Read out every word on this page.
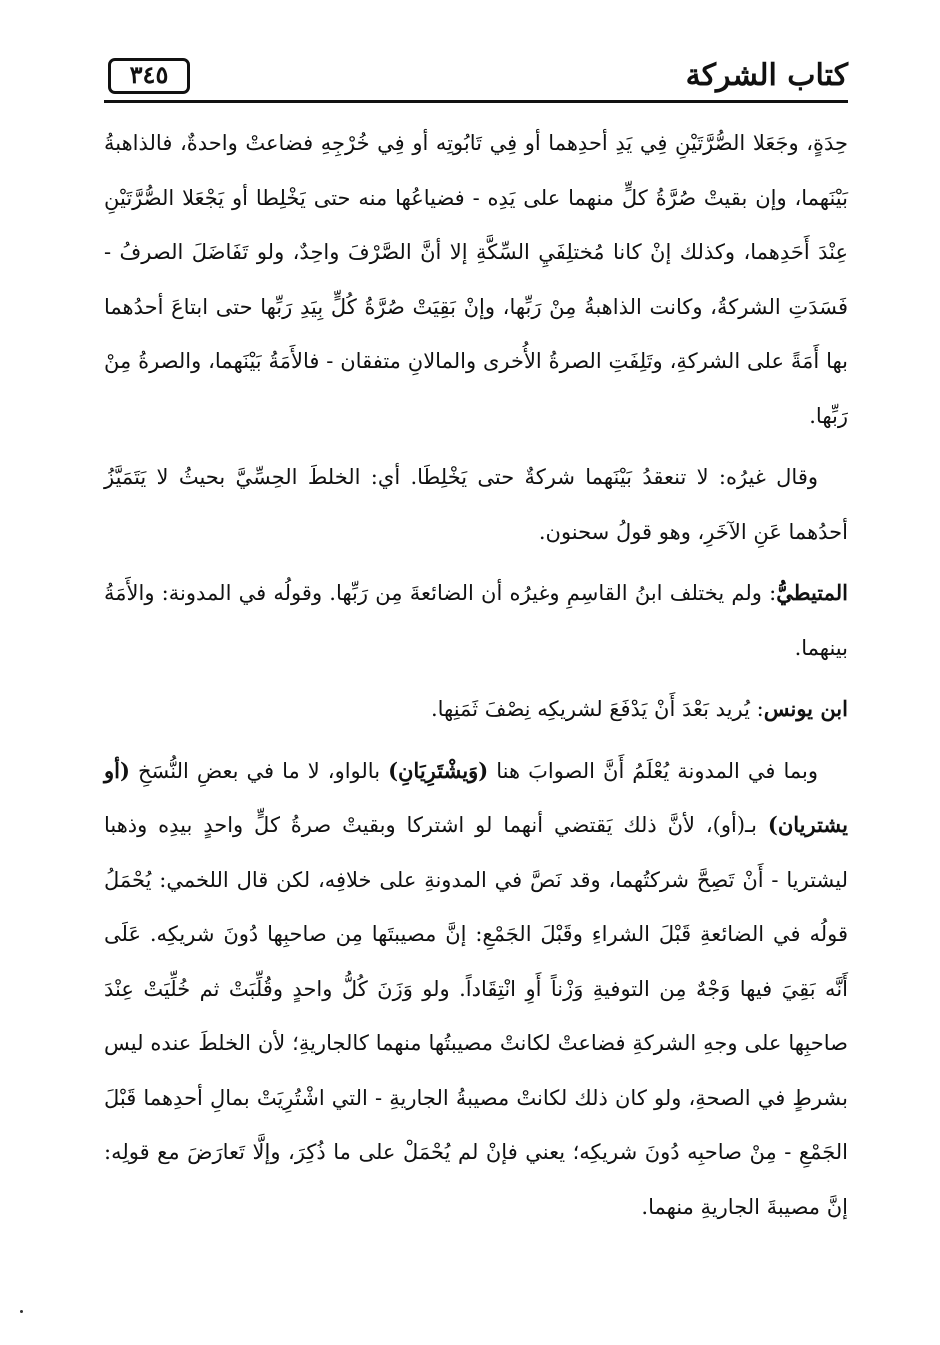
٣٤٥	كتاب الشركة

حِدَةٍ، وجَعَلا الصُّرَّتَيْنِ فِي يَدِ أحدِهما أو فِي تَابُوتِه أو فِي خُرْجِهِ فضاعتْ واحدةٌ، فالذاهبةُ بَيْنَهما، وإن بقيتْ صُرَّةُ كلٍّ منهما على يَدِه - فضياعُها منه حتى يَخْلِطا أو يَجْعَلا الصُّرَّتَيْنِ عِنْدَ أَحَدِهما، وكذلك إنْ كانا مُختلِفَيِ السِّكَّةِ إلا أنَّ الصَّرْفَ واحِدٌ، ولو تَفَاضَلَ الصرفُ - فَسَدَتِ الشركةُ، وكانت الذاهبةُ مِنْ رَبِّها، وإنْ بَقِيَتْ صُرَّةُ كُلٍّ بِيَدِ رَبِّها حتى ابتاعَ أحدُهما بها أَمَةً على الشركةِ، وتَلِفَتِ الصرةُ الأُخرى والمالانِ متفقان - فالأَمَةُ بَيْنَهما، والصرةُ مِنْ رَبِّها.

وقال غيرُه: لا تنعقدُ بَيْنَهما شركةٌ حتى يَخْلِطَا. أي: الخلطَ الحِسِّيَّ بحيثُ لا يَتَمَيَّزُ أحدُهما عَنِ الآخَرِ، وهو قولُ سحنون.

المتيطيُّ: ولم يختلف ابنُ القاسِمِ وغيرُه أن الضائعةَ مِن رَبِّها. وقولُه في المدونة: والأَمَةُ بينهما.

ابن يونس: يُريد بَعْدَ أَنْ يَدْفَعَ لشريكِه نِصْفَ ثَمَنِها.

وبما في المدونة يُعْلَمُ أَنَّ الصوابَ هنا (وَيشْتَرِيَانِ) بالواو، لا ما في بعضِ النُّسَخِ (أو يشتريان) بـ(أو)، لأنَّ ذلك يَقتضي أنهما لو اشتركا وبقيتْ صرةُ كلٍّ واحدٍ بيدِه وذهبا ليشتريا - أَنْ تَصِحَّ شركتُهما، وقد نَصَّ في المدونةِ على خلافِه، لكن قال اللخمي: يُحْمَلُ قولُه في الضائعةِ قَبْلَ الشراءِ وقَبْلَ الجَمْعِ: إنَّ مصيبتَها مِن صاحبِها دُونَ شريكِه. عَلَى أَنَّه بَقِيَ فيها وَجْهٌ مِن التوفيةِ وَزْناً أَوِ انْتِقَاداً. ولو وَزَنَ كُلُّ واحدٍ وقُلِّبَتْ ثم خُلِّيَتْ عِنْدَ صاحبِها على وجهِ الشركةِ فضاعتْ لكانتْ مصيبتُها منهما كالجاريةِ؛ لأن الخلطَ عنده ليس بشرطٍ في الصحةِ، ولو كان ذلك لكانتْ مصيبةُ الجاريةِ - التي اشْتُرِيَتْ بمالِ أحدِهما قَبْلَ الجَمْعِ - مِنْ صاحبِه دُونَ شريكِه؛ يعني فإنْ لم يُحْمَلْ على ما ذُكِرَ، وإلَّا تَعارَضَ مع قولِه: إنَّ مصيبةَ الجاريةِ منهما.
